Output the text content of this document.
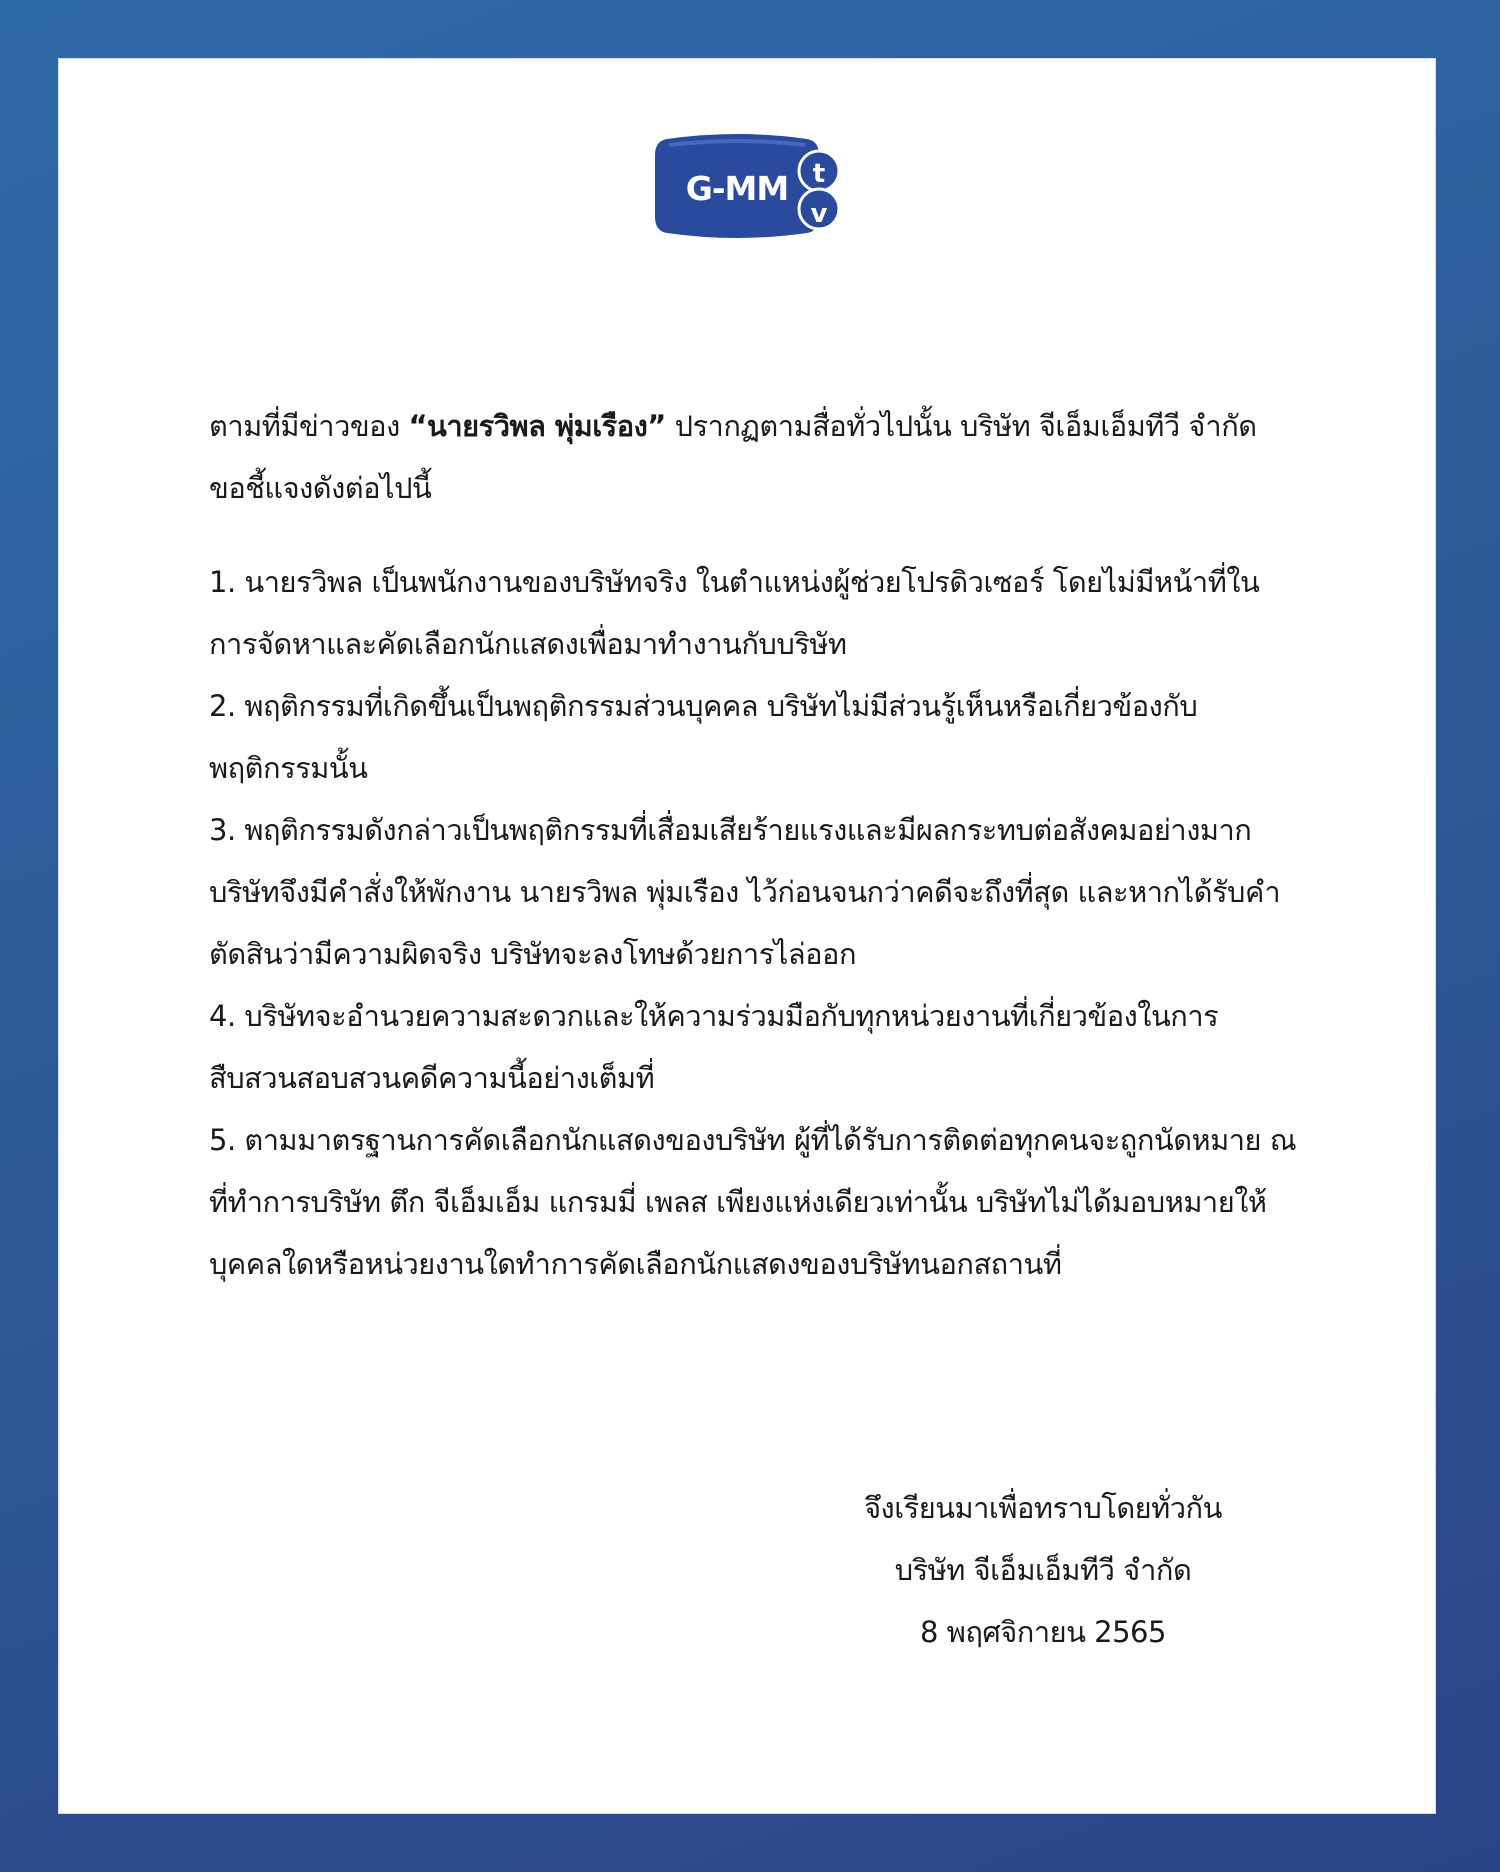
G-MM tv

ตามที่มีข่าวของ “นายรวิพล พุ่มเรือง” ปรากฏตามสื่อทั่วไปนั้น บริษัท จีเอ็มเอ็มทีวี จำกัด ขอชี้แจงดังต่อไปนี้

1. นายรวิพล เป็นพนักงานของบริษัทจริง ในตำแหน่งผู้ช่วยโปรดิวเซอร์ โดยไม่มีหน้าที่ในการจัดหาและคัดเลือกนักแสดงเพื่อมาทำงานกับบริษัท

2. พฤติกรรมที่เกิดขึ้นเป็นพฤติกรรมส่วนบุคคล บริษัทไม่มีส่วนรู้เห็นหรือเกี่ยวข้องกับพฤติกรรมนั้น

3. พฤติกรรมดังกล่าวเป็นพฤติกรรมที่เสื่อมเสียร้ายแรงและมีผลกระทบต่อสังคมอย่างมาก บริษัทจึงมีคำสั่งให้พักงาน นายรวิพล พุ่มเรือง ไว้ก่อนจนกว่าคดีจะถึงที่สุด และหากได้รับคำตัดสินว่ามีความผิดจริง บริษัทจะลงโทษด้วยการไล่ออก

4. บริษัทจะอำนวยความสะดวกและให้ความร่วมมือกับทุกหน่วยงานที่เกี่ยวข้องในการสืบสวนสอบสวนคดีความนี้อย่างเต็มที่

5. ตามมาตรฐานการคัดเลือกนักแสดงของบริษัท ผู้ที่ได้รับการติดต่อทุกคนจะถูกนัดหมาย ณ ที่ทำการบริษัท ตึก จีเอ็มเอ็ม แกรมมี่ เพลส เพียงแห่งเดียวเท่านั้น บริษัทไม่ได้มอบหมายให้บุคคลใดหรือหน่วยงานใดทำการคัดเลือกนักแสดงของบริษัทนอกสถานที่

จึงเรียนมาเพื่อทราบโดยทั่วกัน
บริษัท จีเอ็มเอ็มทีวี จำกัด
8 พฤศจิกายน 2565
